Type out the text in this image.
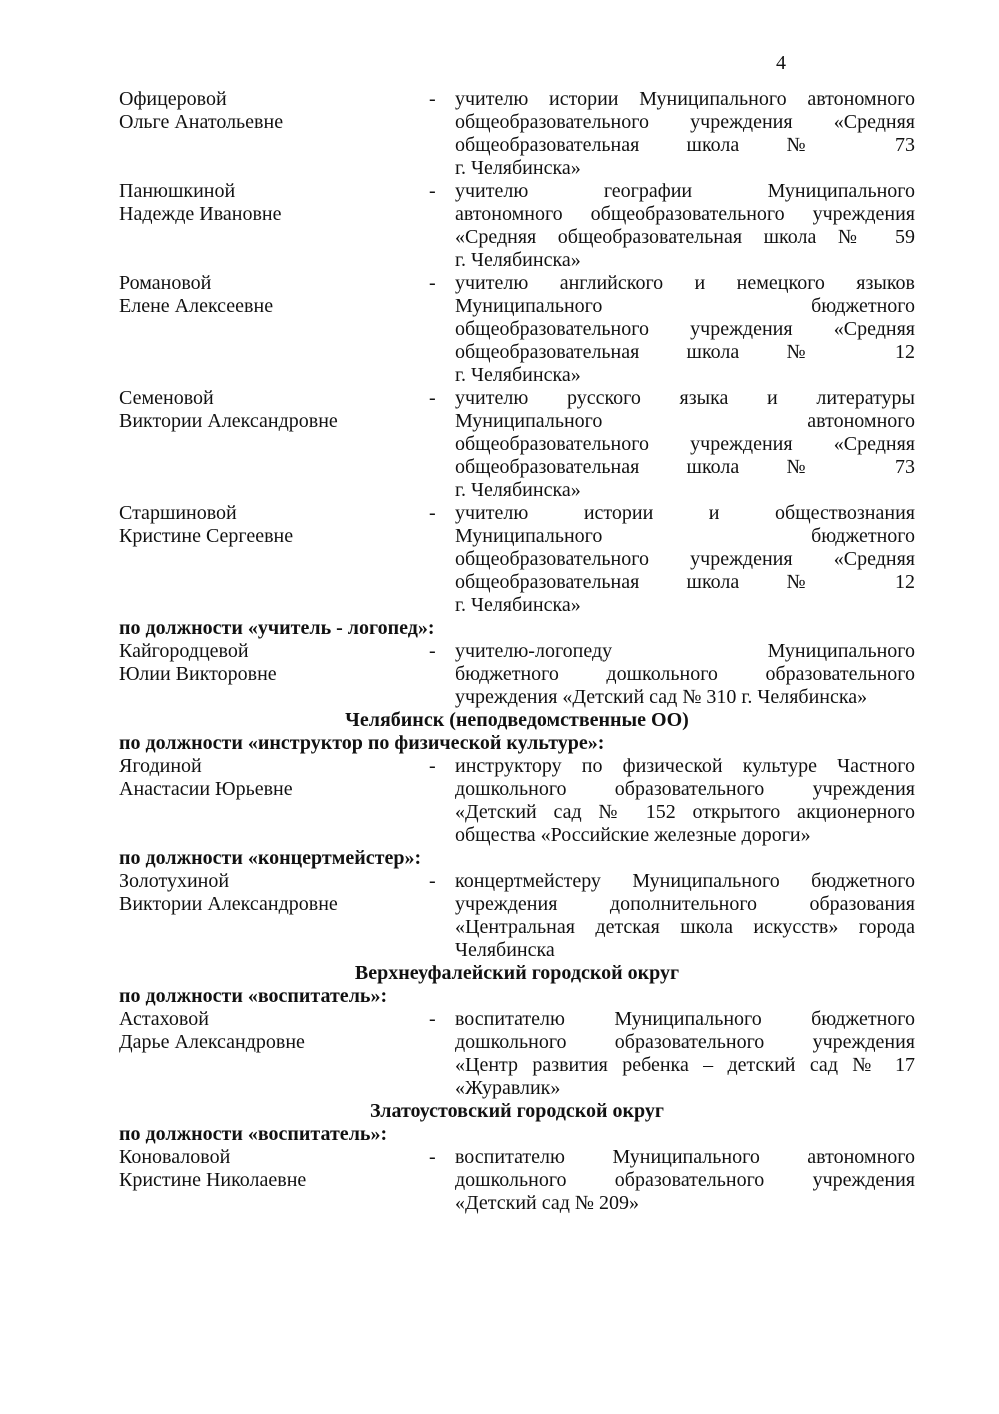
4
Офицеровой
Ольге Анатольевне
- учителю истории Муниципального автономного
общеобразовательного учреждения «Средняя
общеобразовательная школа № 73
г. Челябинска»
Панюшкиной
Надежде Ивановне
- учителю географии Муниципального
автономного общеобразовательного учреждения
«Средняя общеобразовательная школа № 59
г. Челябинска»
Романовой
Елене Алексеевне
- учителю английского и немецкого языков
Муниципального бюджетного
общеобразовательного учреждения «Средняя
общеобразовательная школа № 12
г. Челябинска»
Семеновой
Виктории Александровне
- учителю русского языка и литературы
Муниципального автономного
общеобразовательного учреждения «Средняя
общеобразовательная школа № 73
г. Челябинска»
Старшиновой
Кристине Сергеевне
- учителю истории и обществознания
Муниципального бюджетного
общеобразовательного учреждения «Средняя
общеобразовательная школа № 12
г. Челябинска»
по должности «учитель - логопед»:
Кайгородцевой
Юлии Викторовне
- учителю-логопеду Муниципального
бюджетного дошкольного образовательного
учреждения «Детский сад № 310 г. Челябинска»
Челябинск (неподведомственные ОО)
по должности «инструктор по физической культуре»:
Ягодиной
Анастасии Юрьевне
- инструктору по физической культуре Частного
дошкольного образовательного учреждения
«Детский сад № 152 открытого акционерного
общества «Российские железные дороги»
по должности «концертмейстер»:
Золотухиной
Виктории Александровне
- концертмейстеру Муниципального бюджетного
учреждения дополнительного образования
«Центральная детская школа искусств» города
Челябинска
Верхнеуфалейский городской округ
по должности «воспитатель»:
Астаховой
Дарье Александровне
- воспитателю Муниципального бюджетного
дошкольного образовательного учреждения
«Центр развития ребенка – детский сад № 17
«Журавлик»
Златоустовский городской округ
по должности «воспитатель»:
Коноваловой
Кристине Николаевне
- воспитателю Муниципального автономного
дошкольного образовательного учреждения
«Детский сад № 209»
